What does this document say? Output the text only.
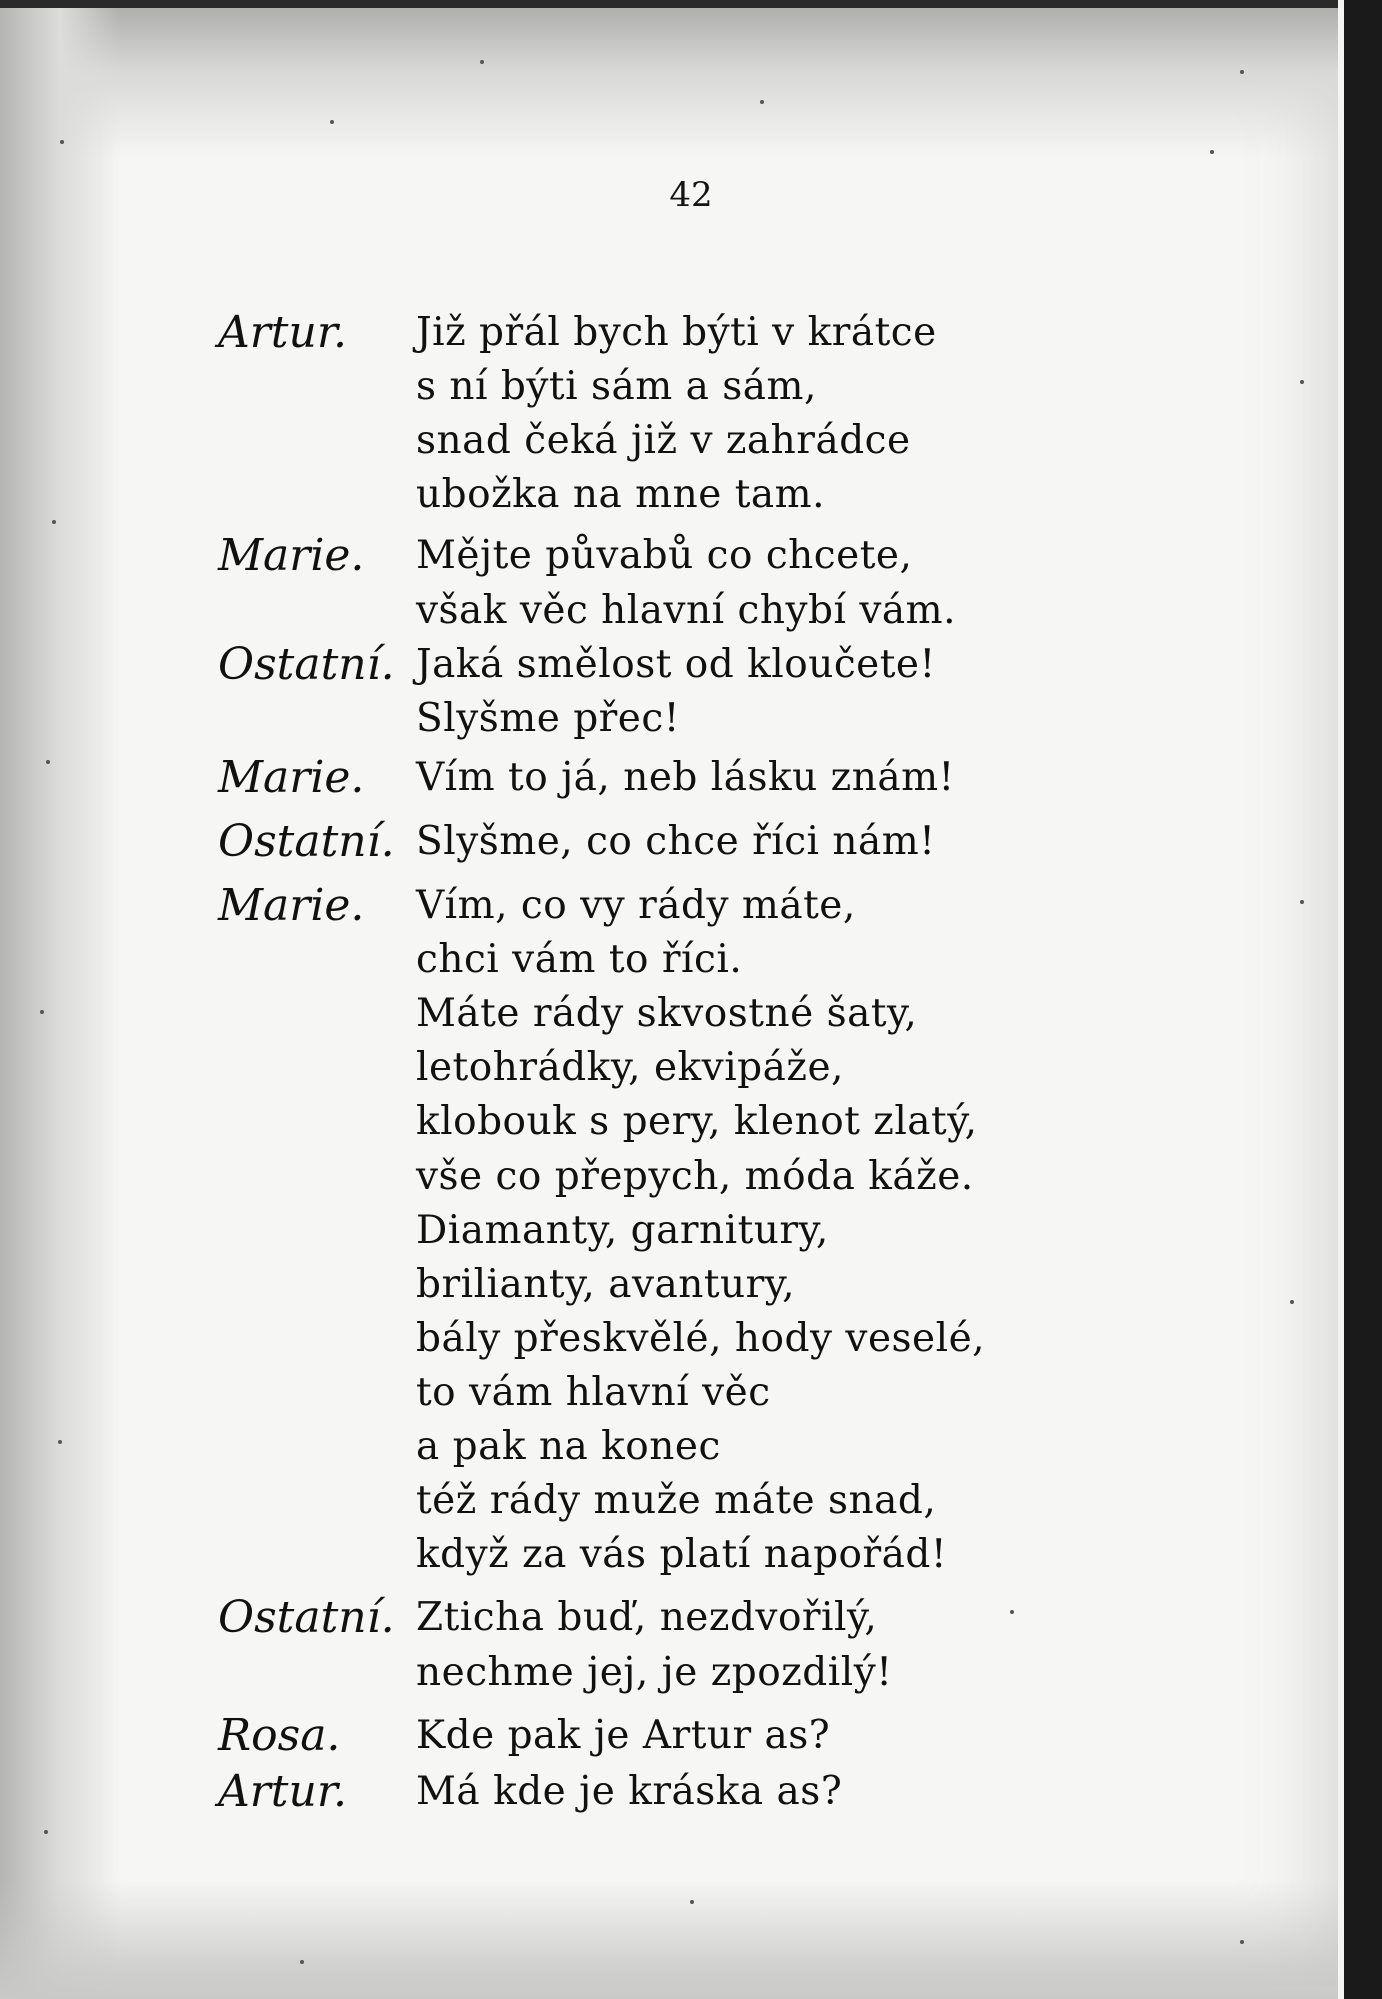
42
Artur. Již přál bych býti v krátce
s ní býti sám a sám,
snad čeká již v zahrádce
ubožka na mne tam.
Marie. Mějte půvabů co chcete,
však věc hlavní chybí vám.
Ostatní. Jaká smělost od kloučete!
Slyšme přec!
Marie. Vím to já, neb lásku znám!
Ostatní. Slyšme, co chce říci nám!
Marie. Vím, co vy rády máte,
chci vám to říci.
Máte rády skvostné šaty,
letohrádky, ekvipáže,
klobouk s pery, klenot zlatý,
vše co přepych, móda káže.
Diamanty, garnitury,
brilianty, avantury,
bály přeskvělé, hody veselé,
to vám hlavní věc
a pak na konec
též rády muže máte snad,
když za vás platí napořád!
Ostatní. Zticha buď, nezdvořilý,
nechme jej, je zpozdilý!
Rosa. Kde pak je Artur as?
Artur. Má kde je kráska as?
